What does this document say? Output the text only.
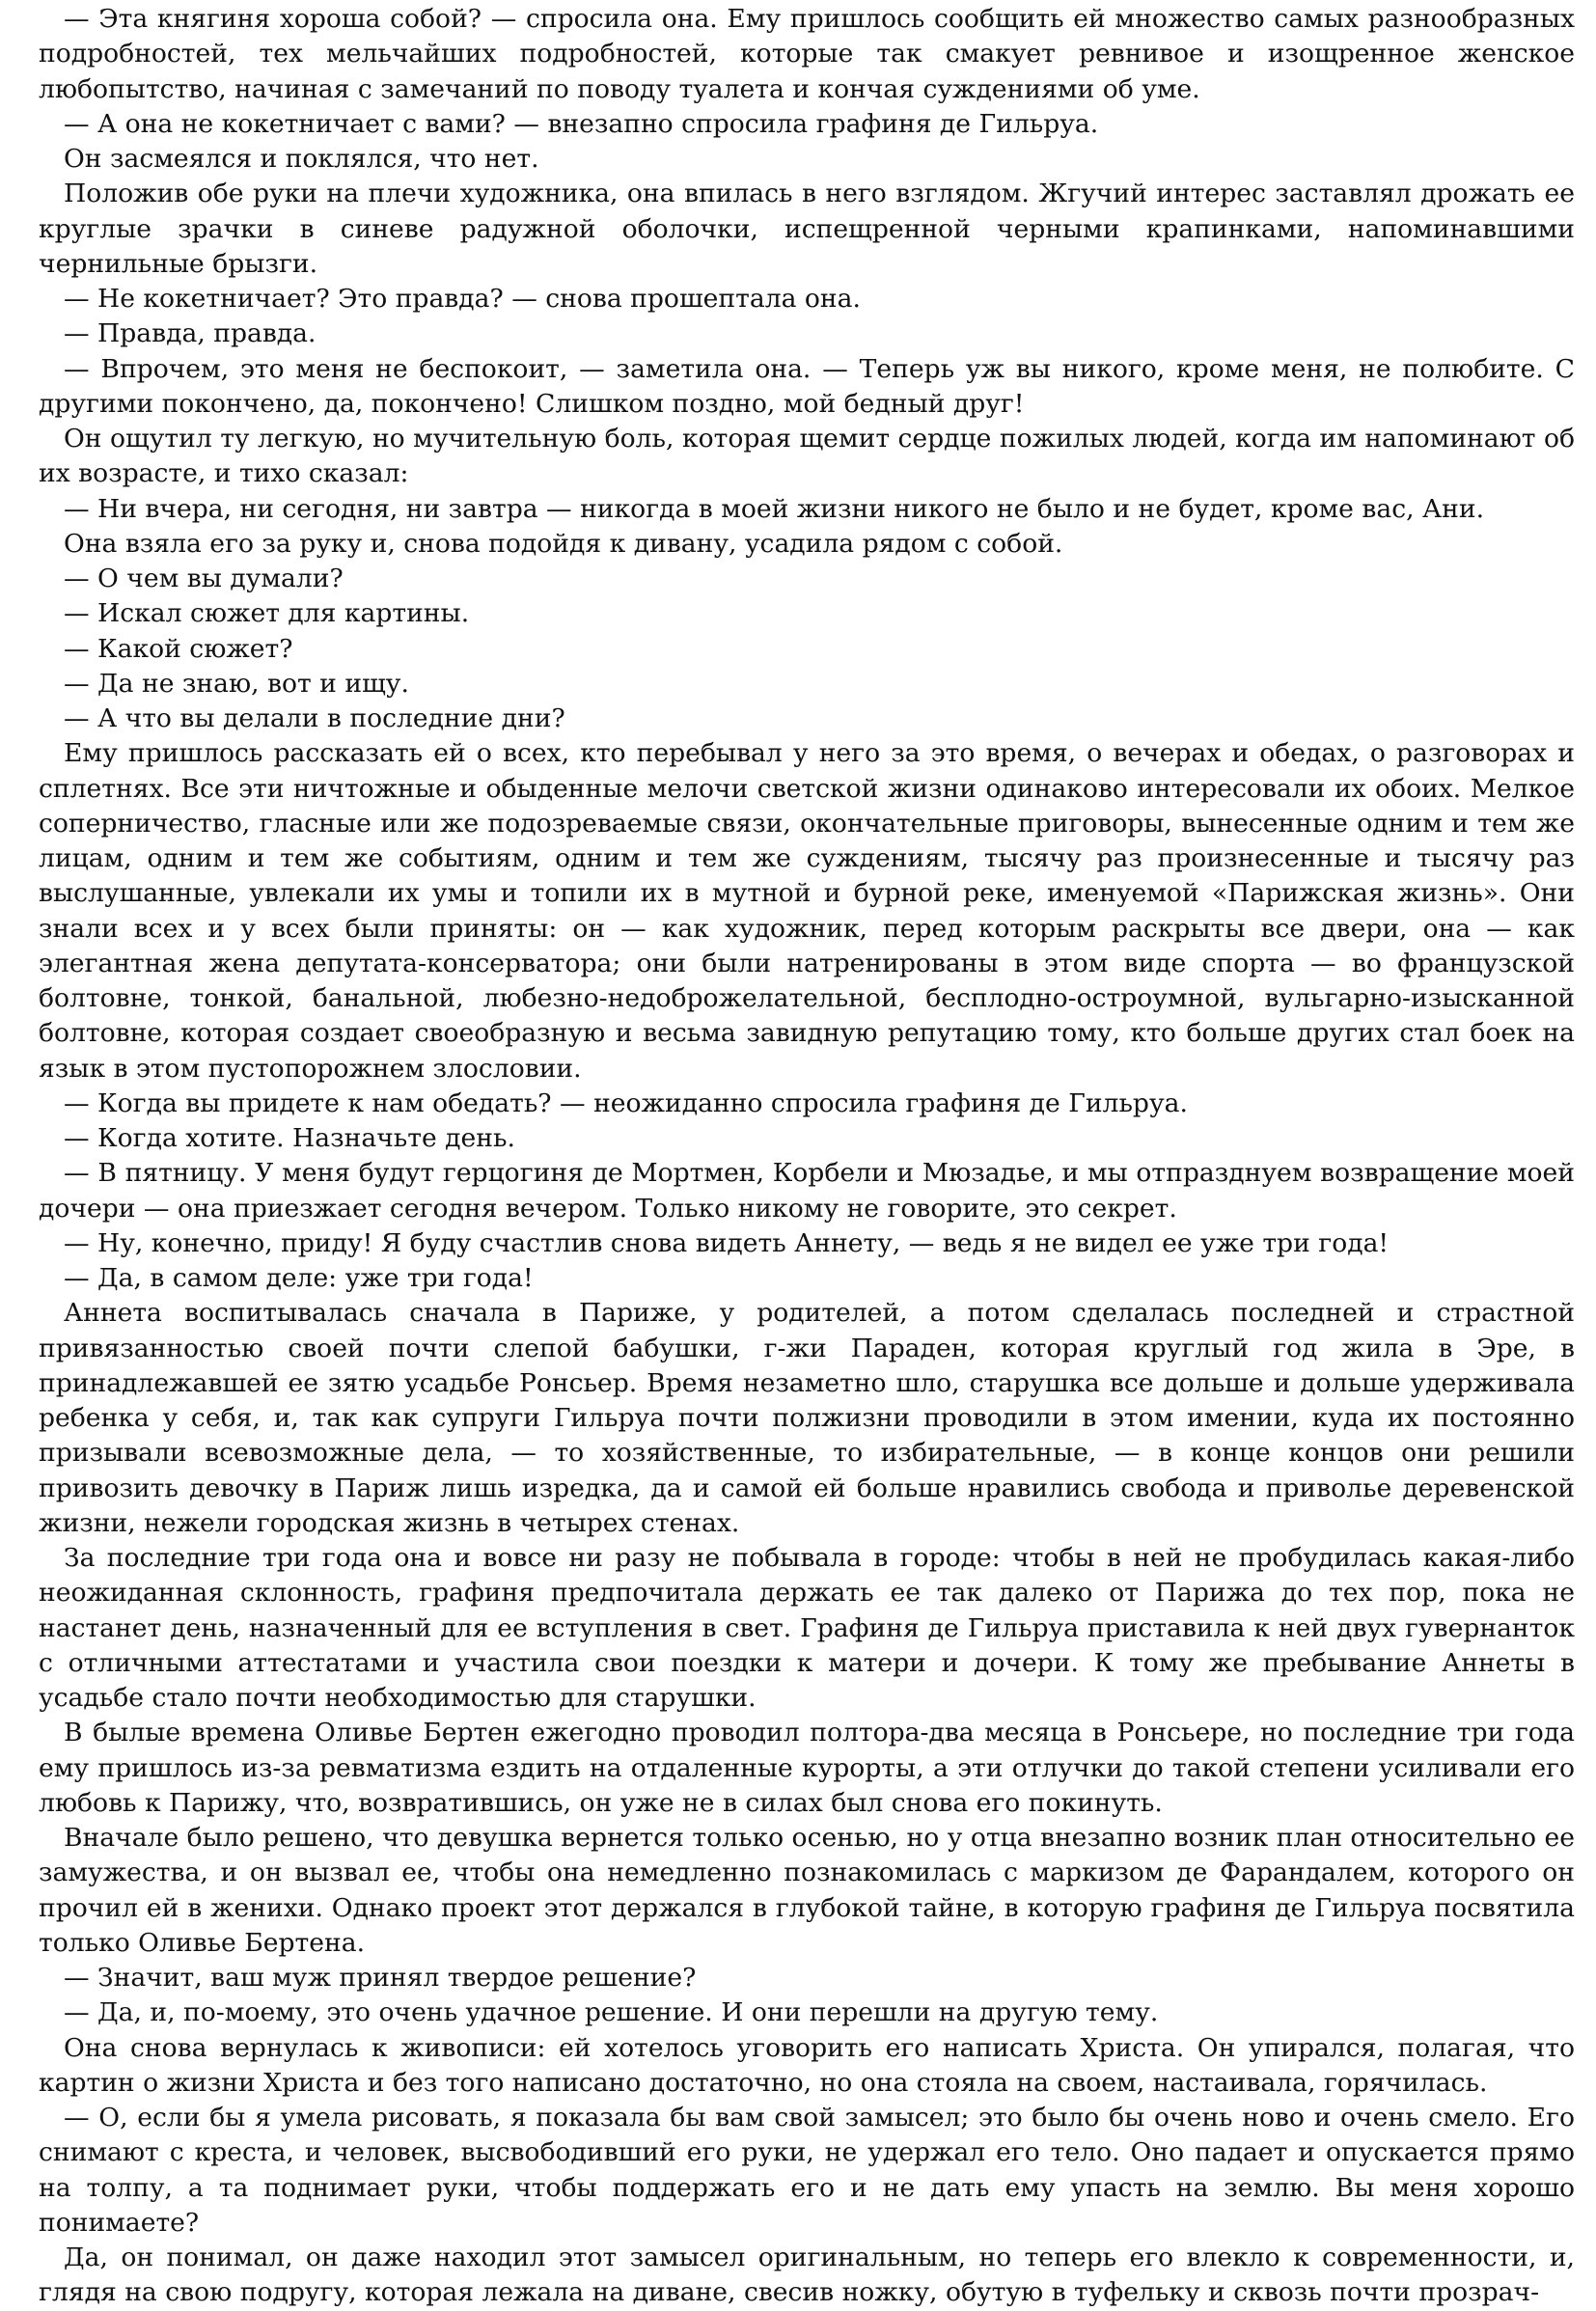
— Эта княгиня хороша собой? — спросила она. Ему пришлось сообщить ей множество самых разнообразных подробностей, тех мельчайших подробностей, которые так смакует ревнивое и изощренное женское любопытство, начиная с замечаний по поводу туалета и кончая суждениями об уме.

— А она не кокетничает с вами? — внезапно спросила графиня де Гильруа.

Он засмеялся и поклялся, что нет.

Положив обе руки на плечи художника, она впилась в него взглядом. Жгучий интерес заставлял дрожать ее круглые зрачки в синеве радужной оболочки, испещренной черными крапинками, напоминавшими чернильные брызги.

— Не кокетничает? Это правда? — снова прошептала она.

— Правда, правда.

— Впрочем, это меня не беспокоит, — заметила она. — Теперь уж вы никого, кроме меня, не полюбите. С другими покончено, да, покончено! Слишком поздно, мой бедный друг!

Он ощутил ту легкую, но мучительную боль, которая щемит сердце пожилых людей, когда им напоминают об их возрасте, и тихо сказал:

— Ни вчера, ни сегодня, ни завтра — никогда в моей жизни никого не было и не будет, кроме вас, Ани.

Она взяла его за руку и, снова подойдя к дивану, усадила рядом с собой.

— О чем вы думали?

— Искал сюжет для картины.

— Какой сюжет?

— Да не знаю, вот и ищу.

— А что вы делали в последние дни?

Ему пришлось рассказать ей о всех, кто перебывал у него за это время, о вечерах и обедах, о разговорах и сплетнях. Все эти ничтожные и обыденные мелочи светской жизни одинаково интересовали их обоих. Мелкое соперничество, гласные или же подозреваемые связи, окончательные приговоры, вынесенные одним и тем же лицам, одним и тем же событиям, одним и тем же суждениям, тысячу раз произнесенные и тысячу раз выслушанные, увлекали их умы и топили их в мутной и бурной реке, именуемой «Парижская жизнь». Они знали всех и у всех были приняты: он — как художник, перед которым раскрыты все двери, она — как элегантная жена депутата-консерватора; они были натренированы в этом виде спорта — во французской болтовне, тонкой, банальной, любезно-недоброжелательной, бесплодно-остроумной, вульгарно-изысканной болтовне, которая создает своеобразную и весьма завидную репутацию тому, кто больше других стал боек на язык в этом пустопорожнем злословии.

— Когда вы придете к нам обедать? — неожиданно спросила графиня де Гильруа.

— Когда хотите. Назначьте день.

— В пятницу. У меня будут герцогиня де Мортмен, Корбели и Мюзадье, и мы отпразднуем возвращение моей дочери — она приезжает сегодня вечером. Только никому не говорите, это секрет.

— Ну, конечно, приду! Я буду счастлив снова видеть Аннету, — ведь я не видел ее уже три года!

— Да, в самом деле: уже три года!

Аннета воспитывалась сначала в Париже, у родителей, а потом сделалась последней и страстной привязанностью своей почти слепой бабушки, г-жи Параден, которая круглый год жила в Эре, в принадлежавшей ее зятю усадьбе Ронсьер. Время незаметно шло, старушка все дольше и дольше удерживала ребенка у себя, и, так как супруги Гильруа почти полжизни проводили в этом имении, куда их постоянно призывали всевозможные дела, — то хозяйственные, то избирательные, — в конце концов они решили привозить девочку в Париж лишь изредка, да и самой ей больше нравились свобода и приволье деревенской жизни, нежели городская жизнь в четырех стенах.

За последние три года она и вовсе ни разу не побывала в городе: чтобы в ней не пробудилась какая-либо неожиданная склонность, графиня предпочитала держать ее так далеко от Парижа до тех пор, пока не настанет день, назначенный для ее вступления в свет. Графиня де Гильруа приставила к ней двух гувернанток с отличными аттестатами и участила свои поездки к матери и дочери. К тому же пребывание Аннеты в усадьбе стало почти необходимостью для старушки.

В былые времена Оливье Бертен ежегодно проводил полтора-два месяца в Ронсьере, но последние три года ему пришлось из-за ревматизма ездить на отдаленные курорты, а эти отлучки до такой степени усиливали его любовь к Парижу, что, возвратившись, он уже не в силах был снова его покинуть.

Вначале было решено, что девушка вернется только осенью, но у отца внезапно возник план относительно ее замужества, и он вызвал ее, чтобы она немедленно познакомилась с маркизом де Фарандалем, которого он прочил ей в женихи. Однако проект этот держался в глубокой тайне, в которую графиня де Гильруа посвятила только Оливье Бертена.

— Значит, ваш муж принял твердое решение?

— Да, и, по-моему, это очень удачное решение. И они перешли на другую тему.

Она снова вернулась к живописи: ей хотелось уговорить его написать Христа. Он упирался, полагая, что картин о жизни Христа и без того написано достаточно, но она стояла на своем, настаивала, горячилась.

— О, если бы я умела рисовать, я показала бы вам свой замысел; это было бы очень ново и очень смело. Его снимают с креста, и человек, высвободивший его руки, не удержал его тело. Оно падает и опускается прямо на толпу, а та поднимает руки, чтобы поддержать его и не дать ему упасть на землю. Вы меня хорошо понимаете?

Да, он понимал, он даже находил этот замысел оригинальным, но теперь его влекло к современности, и, глядя на свою подругу, которая лежала на диване, свесив ножку, обутую в туфельку и сквозь почти прозрач-
